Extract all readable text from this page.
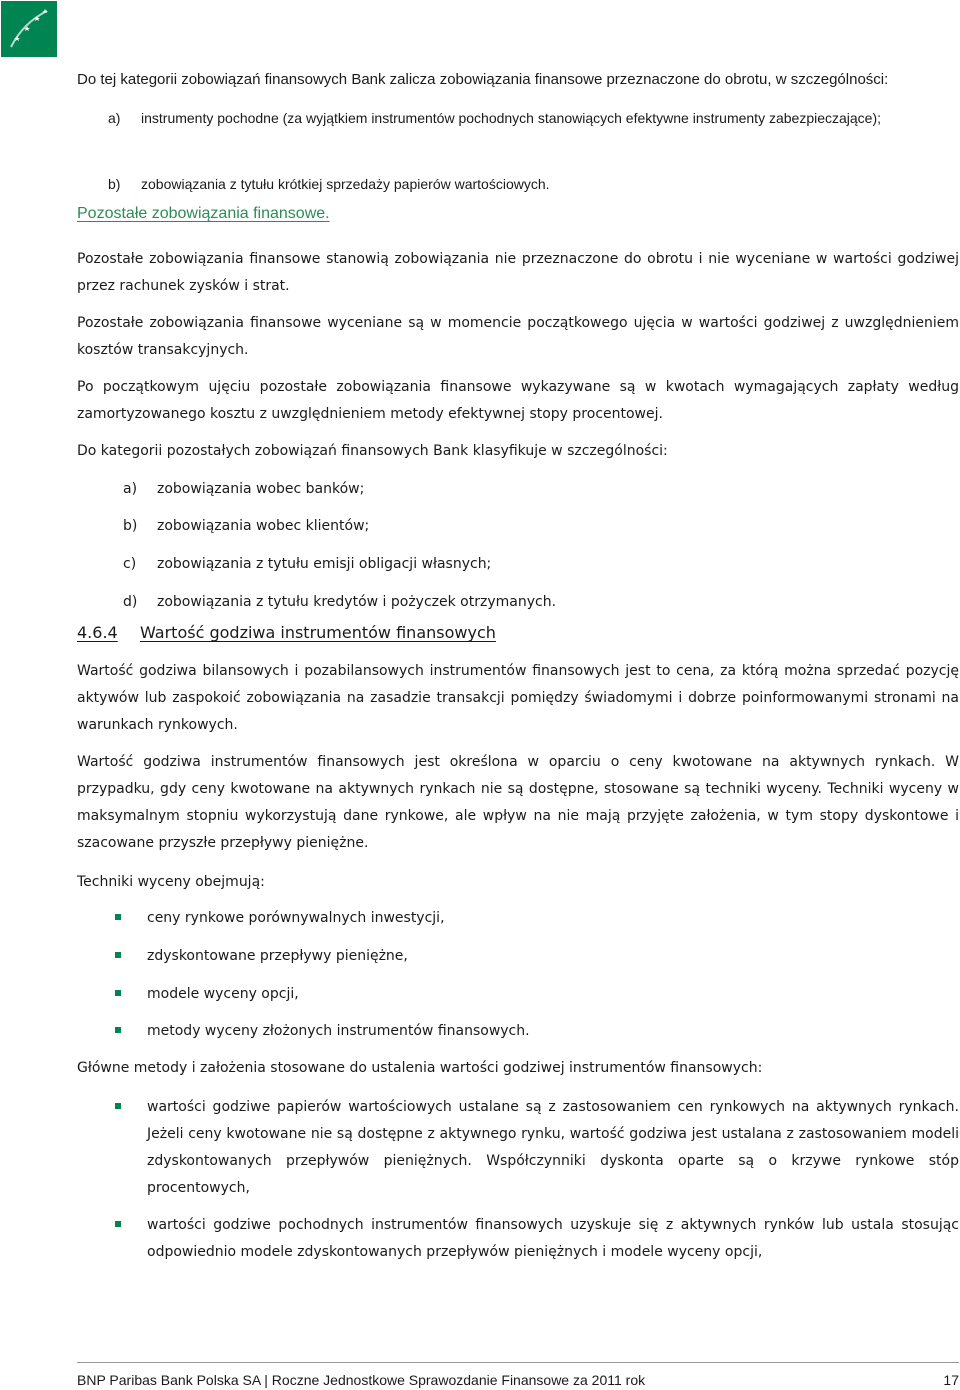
Do tej kategorii zobowiązań finansowych Bank zalicza zobowiązania finansowe przeznaczone do obrotu, w szczególności:
a) instrumenty pochodne (za wyjątkiem instrumentów pochodnych stanowiących efektywne instrumenty zabezpieczające);
b) zobowiązania z tytułu krótkiej sprzedaży papierów wartościowych.
Pozostałe zobowiązania finansowe.
Pozostałe zobowiązania finansowe stanowią zobowiązania nie przeznaczone do obrotu i nie wyceniane w wartości godziwej przez rachunek zysków i strat.
Pozostałe zobowiązania finansowe wyceniane są w momencie początkowego ujęcia w wartości godziwej z uwzględnieniem kosztów transakcyjnych.
Po początkowym ujęciu pozostałe zobowiązania finansowe wykazywane są w kwotach wymagających zapłaty według zamortyzowanego kosztu z uwzględnieniem metody efektywnej stopy procentowej.
Do kategorii pozostałych zobowiązań finansowych Bank klasyfikuje w szczególności:
a) zobowiązania wobec banków;
b) zobowiązania wobec klientów;
c) zobowiązania z tytułu emisji obligacji własnych;
d) zobowiązania z tytułu kredytów i pożyczek otrzymanych.
4.6.4 Wartość godziwa instrumentów finansowych
Wartość godziwa bilansowych i pozabilansowych instrumentów finansowych jest to cena, za którą można sprzedać pozycję aktywów lub zaspokoić zobowiązania na zasadzie transakcji pomiędzy świadomymi i dobrze poinformowanymi stronami na warunkach rynkowych.
Wartość godziwa instrumentów finansowych jest określona w oparciu o ceny kwotowane na aktywnych rynkach. W przypadku, gdy ceny kwotowane na aktywnych rynkach nie są dostępne, stosowane są techniki wyceny. Techniki wyceny w maksymalnym stopniu wykorzystują dane rynkowe, ale wpływ na nie mają przyjęte założenia, w tym stopy dyskontowe i szacowane przyszłe przepływy pieniężne.
Techniki wyceny obejmują:
ceny rynkowe porównywalnych inwestycji,
zdyskontowane przepływy pieniężne,
modele wyceny opcji,
metody wyceny złożonych instrumentów finansowych.
Główne metody i założenia stosowane do ustalenia wartości godziwej instrumentów finansowych:
wartości godziwe papierów wartościowych ustalane są z zastosowaniem cen rynkowych na aktywnych rynkach. Jeżeli ceny kwotowane nie są dostępne z aktywnego rynku, wartość godziwa jest ustalana z zastosowaniem modeli zdyskontowanych przepływów pieniężnych. Współczynniki dyskonta oparte są o krzywe rynkowe stóp procentowych,
wartości godziwe pochodnych instrumentów finansowych uzyskuje się z aktywnych rynków lub ustala stosując odpowiednio modele zdyskontowanych przepływów pieniężnych i modele wyceny opcji,
BNP Paribas Bank Polska SA | Roczne Jednostkowe Sprawozdanie Finansowe za 2011 rok	17
